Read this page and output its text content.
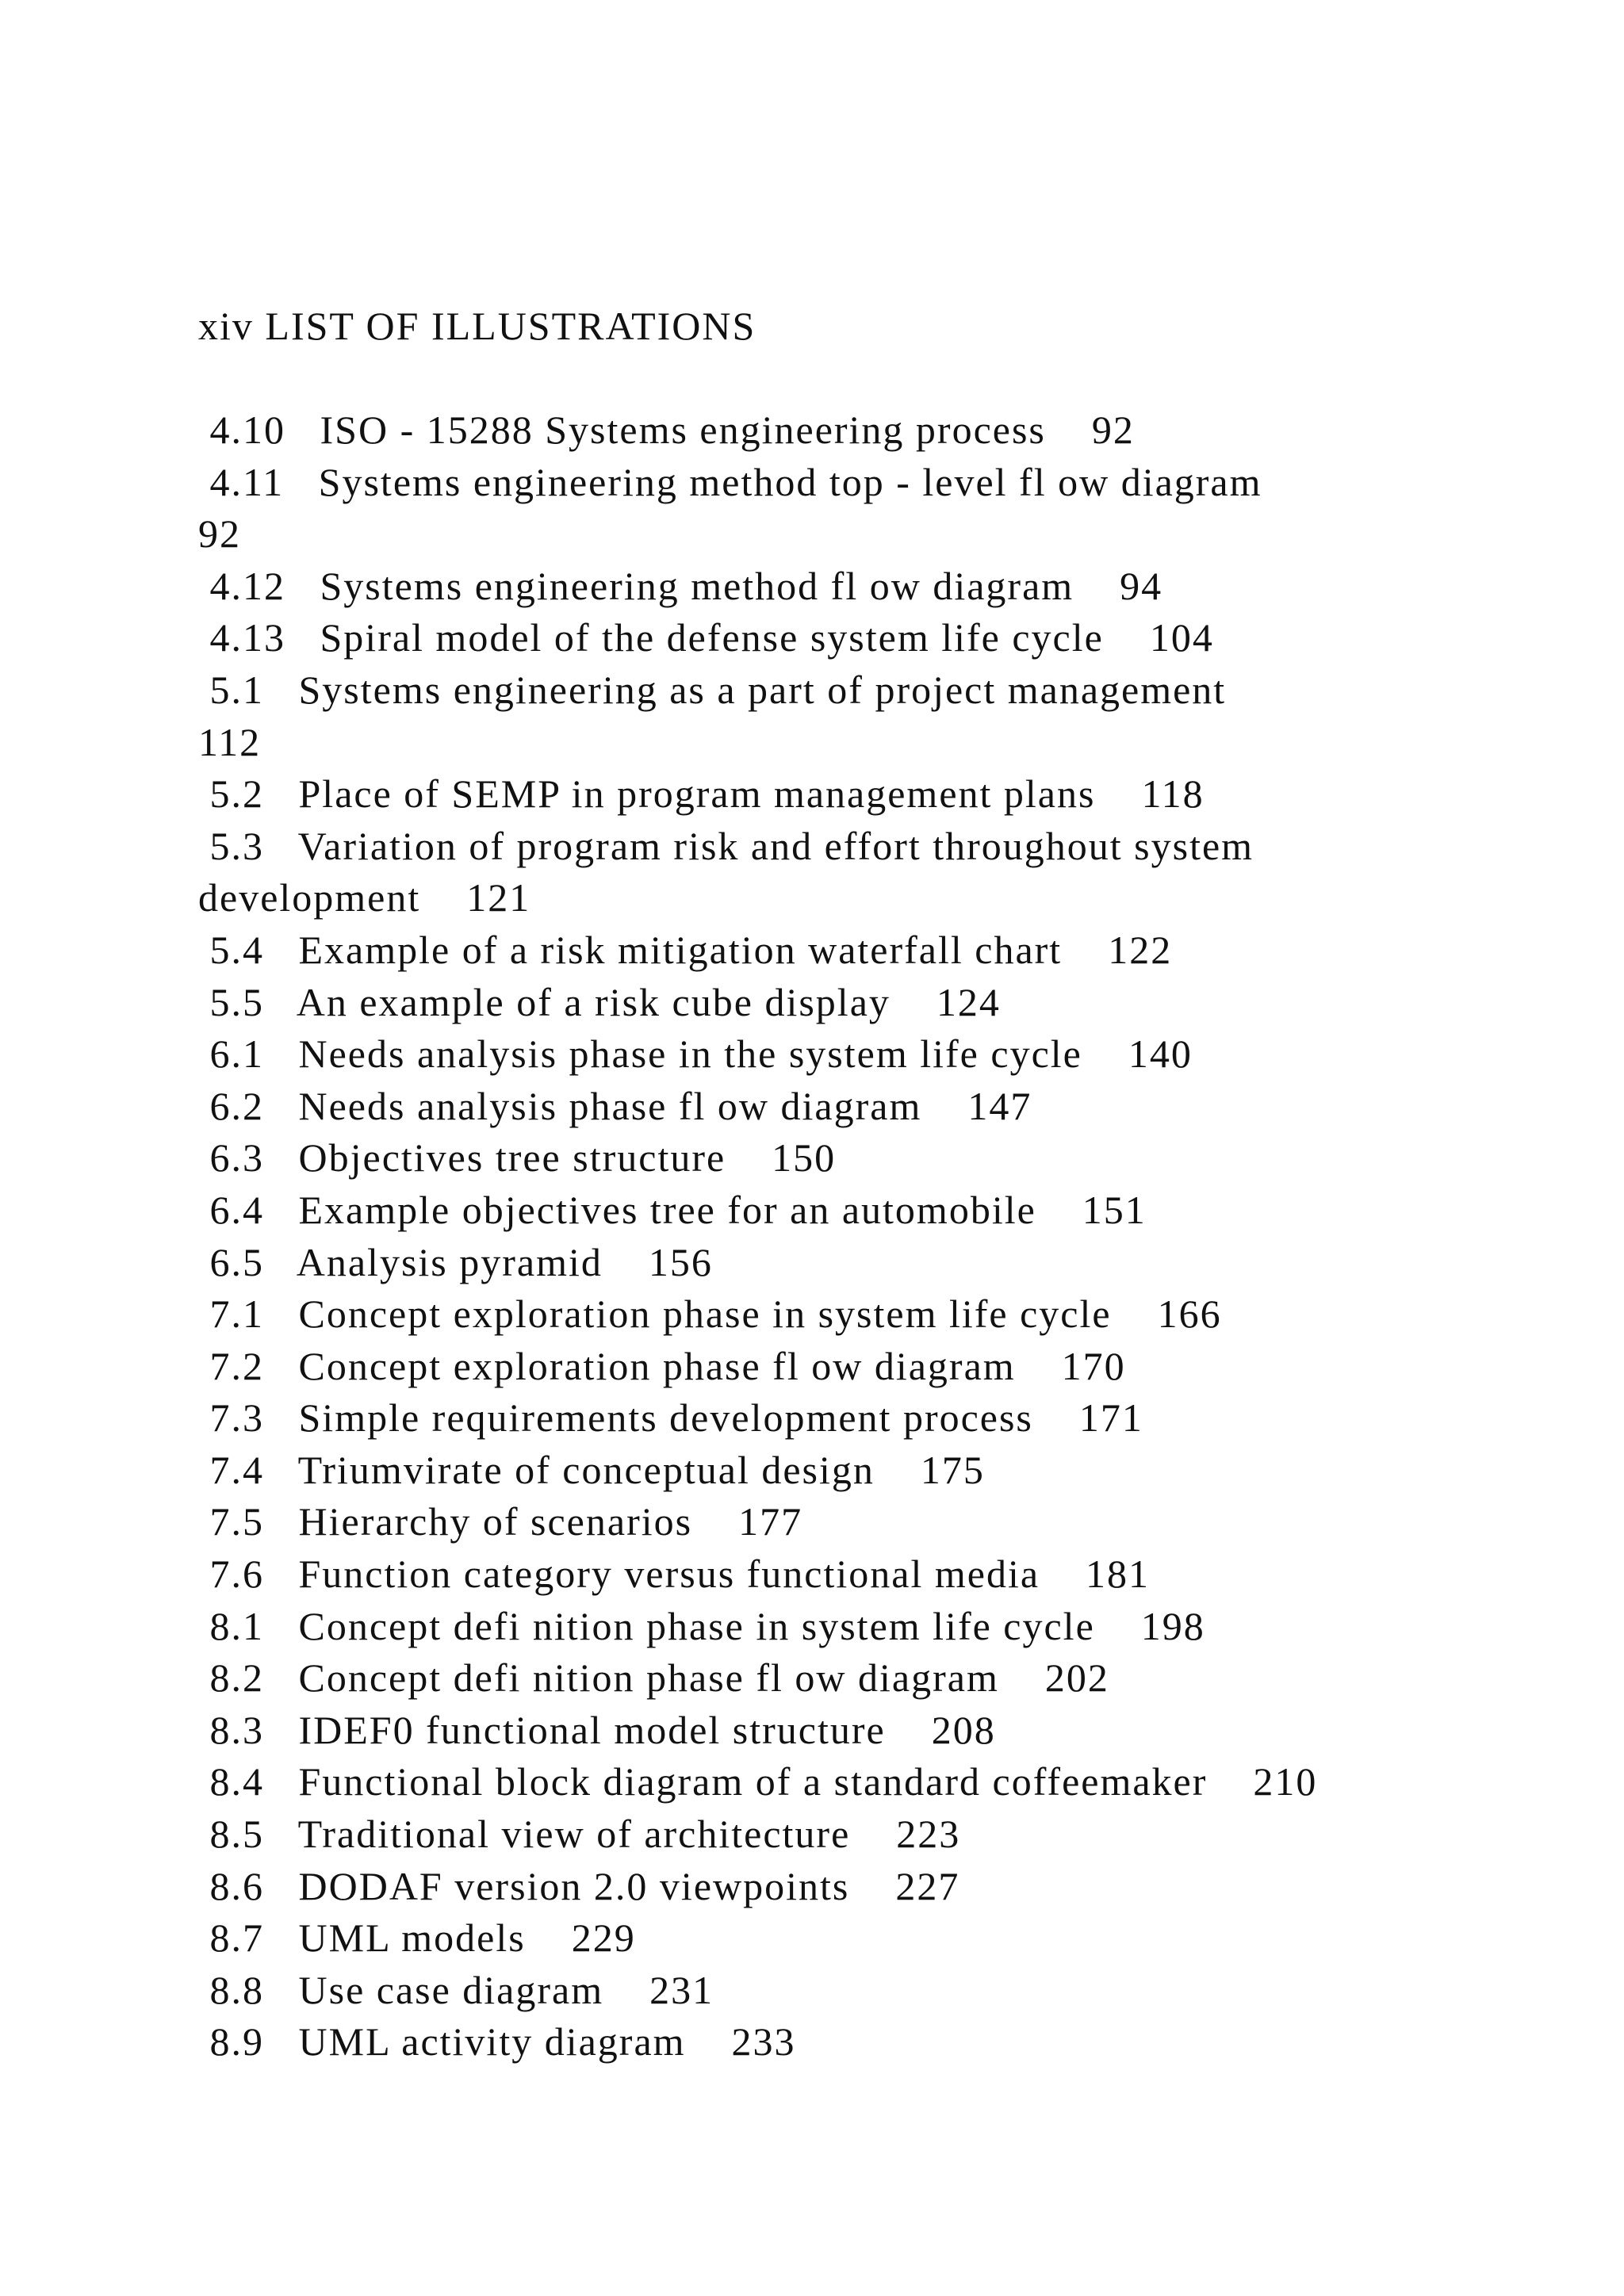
xiv LIST OF ILLUSTRATIONS
4.10 ISO - 15288 Systems engineering process 92
4.11 Systems engineering method top - level fl ow diagram
92
4.12 Systems engineering method fl ow diagram 94
4.13 Spiral model of the defense system life cycle 104
5.1 Systems engineering as a part of project management
112
5.2 Place of SEMP in program management plans 118
5.3 Variation of program risk and effort throughout system
development 121
5.4 Example of a risk mitigation waterfall chart 122
5.5 An example of a risk cube display 124
6.1 Needs analysis phase in the system life cycle 140
6.2 Needs analysis phase fl ow diagram 147
6.3 Objectives tree structure 150
6.4 Example objectives tree for an automobile 151
6.5 Analysis pyramid 156
7.1 Concept exploration phase in system life cycle 166
7.2 Concept exploration phase fl ow diagram 170
7.3 Simple requirements development process 171
7.4 Triumvirate of conceptual design 175
7.5 Hierarchy of scenarios 177
7.6 Function category versus functional media 181
8.1 Concept defi nition phase in system life cycle 198
8.2 Concept defi nition phase fl ow diagram 202
8.3 IDEF0 functional model structure 208
8.4 Functional block diagram of a standard coffeemaker 210
8.5 Traditional view of architecture 223
8.6 DODAF version 2.0 viewpoints 227
8.7 UML models 229
8.8 Use case diagram 231
8.9 UML activity diagram 233
